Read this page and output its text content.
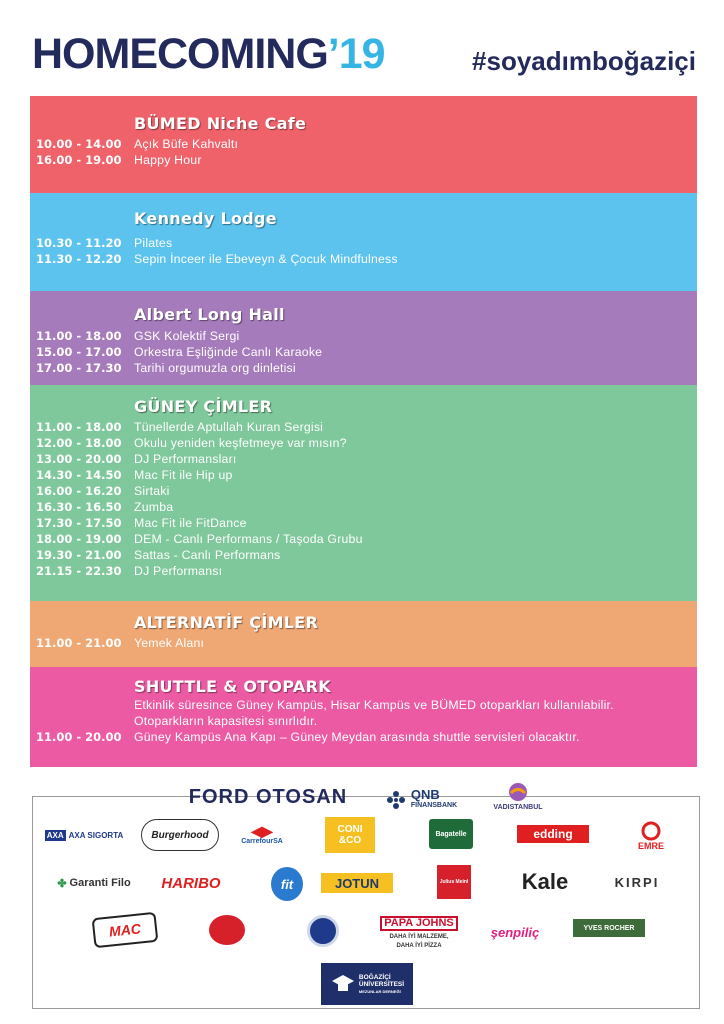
HOMECOMING’19	#soyadımboğaziçi
BÜMED Niche Cafe
10.00 - 14.00	Açık Büfe Kahvaltı
16.00 - 19.00	Happy Hour
Kennedy Lodge
10.30 - 11.20	Pilates
11.30 - 12.20	Sepin İnceer ile Ebeveyn & Çocuk Mindfulness
Albert Long Hall
11.00 - 18.00	GSK Kolektif Sergi
15.00 - 17.00	Orkestra Eşliğinde Canlı Karaoke
17.00 - 17.30	Tarihi orgumuzla org dinletisi
GÜNEY ÇİMLER
11.00 - 18.00	Tünellerde Aptullah Kuran Sergisi
12.00 - 18.00	Okulu yeniden keşfetmeye var mısın?
13.00 - 20.00	DJ Performansları
14.30 - 14.50	Mac Fit ile Hip up
16.00 - 16.20	Sirtaki
16.30 - 16.50	Zumba
17.30 - 17.50	Mac Fit ile FitDance
18.00 - 19.00	DEM - Canlı Performans / Taşoda Grubu
19.30 - 21.00	Sattas - Canlı Performans
21.15 - 22.30	DJ Performansı
ALTERNATİF ÇİMLER
11.00 - 21.00	Yemek Alanı
SHUTTLE & OTOPARK
Etkinlik süresince Güney Kampüs, Hisar Kampüs ve BÜMED otoparkları kullanılabilir.
Otoparkların kapasitesi sınırlıdır.
11.00 - 20.00	Güney Kampüs Ana Kapı – Güney Meydan arasında shuttle servisleri olacaktır.
FORD OTOSAN	QNB
FINANSBANK	VADISTANBUL
AXA AXA SIGORTA	Burgerhood	◀▶
CarrefourSA
CONI
&CO
Bagatelle	edding
EMRE
✤ Garanti Filo	HARIBO	fit	JOTUN	Julius Meinl	Kale	KIRPI
MAC	PAPA JOHNS
DAHA İYİ MALZEME,
DAHA İYİ PİZZA
şenpiliç	YVES ROCHER
BOĞAZİÇİ
ÜNİVERSİTESİ
MEZUNLAR DERNEĞİ
